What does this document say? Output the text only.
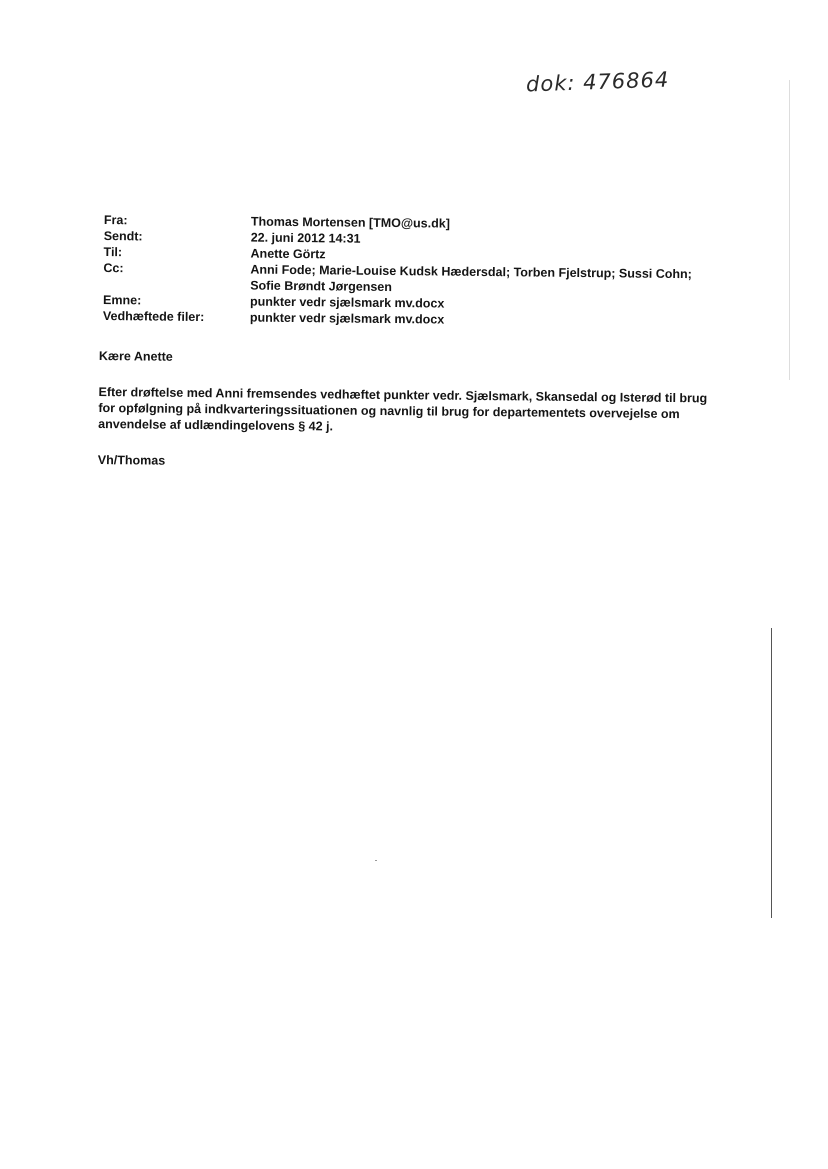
dok: 476864
Fra:	Thomas Mortensen [TMO@us.dk]
Sendt:	22. juni 2012 14:31
Til:	Anette Görtz
Cc:	Anni Fode; Marie-Louise Kudsk Hædersdal; Torben Fjelstrup; Sussi Cohn; Sofie Brøndt Jørgensen
Emne:	punkter vedr sjælsmark mv.docx
Vedhæftede filer:	punkter vedr sjælsmark mv.docx

Kære Anette

Efter drøftelse med Anni fremsendes vedhæftet punkter vedr. Sjælsmark, Skansedal og Isterød til brug for opfølgning på indkvarteringssituationen og navnlig til brug for departementets overvejelse om anvendelse af udlændingelovens § 42 j.

Vh/Thomas
